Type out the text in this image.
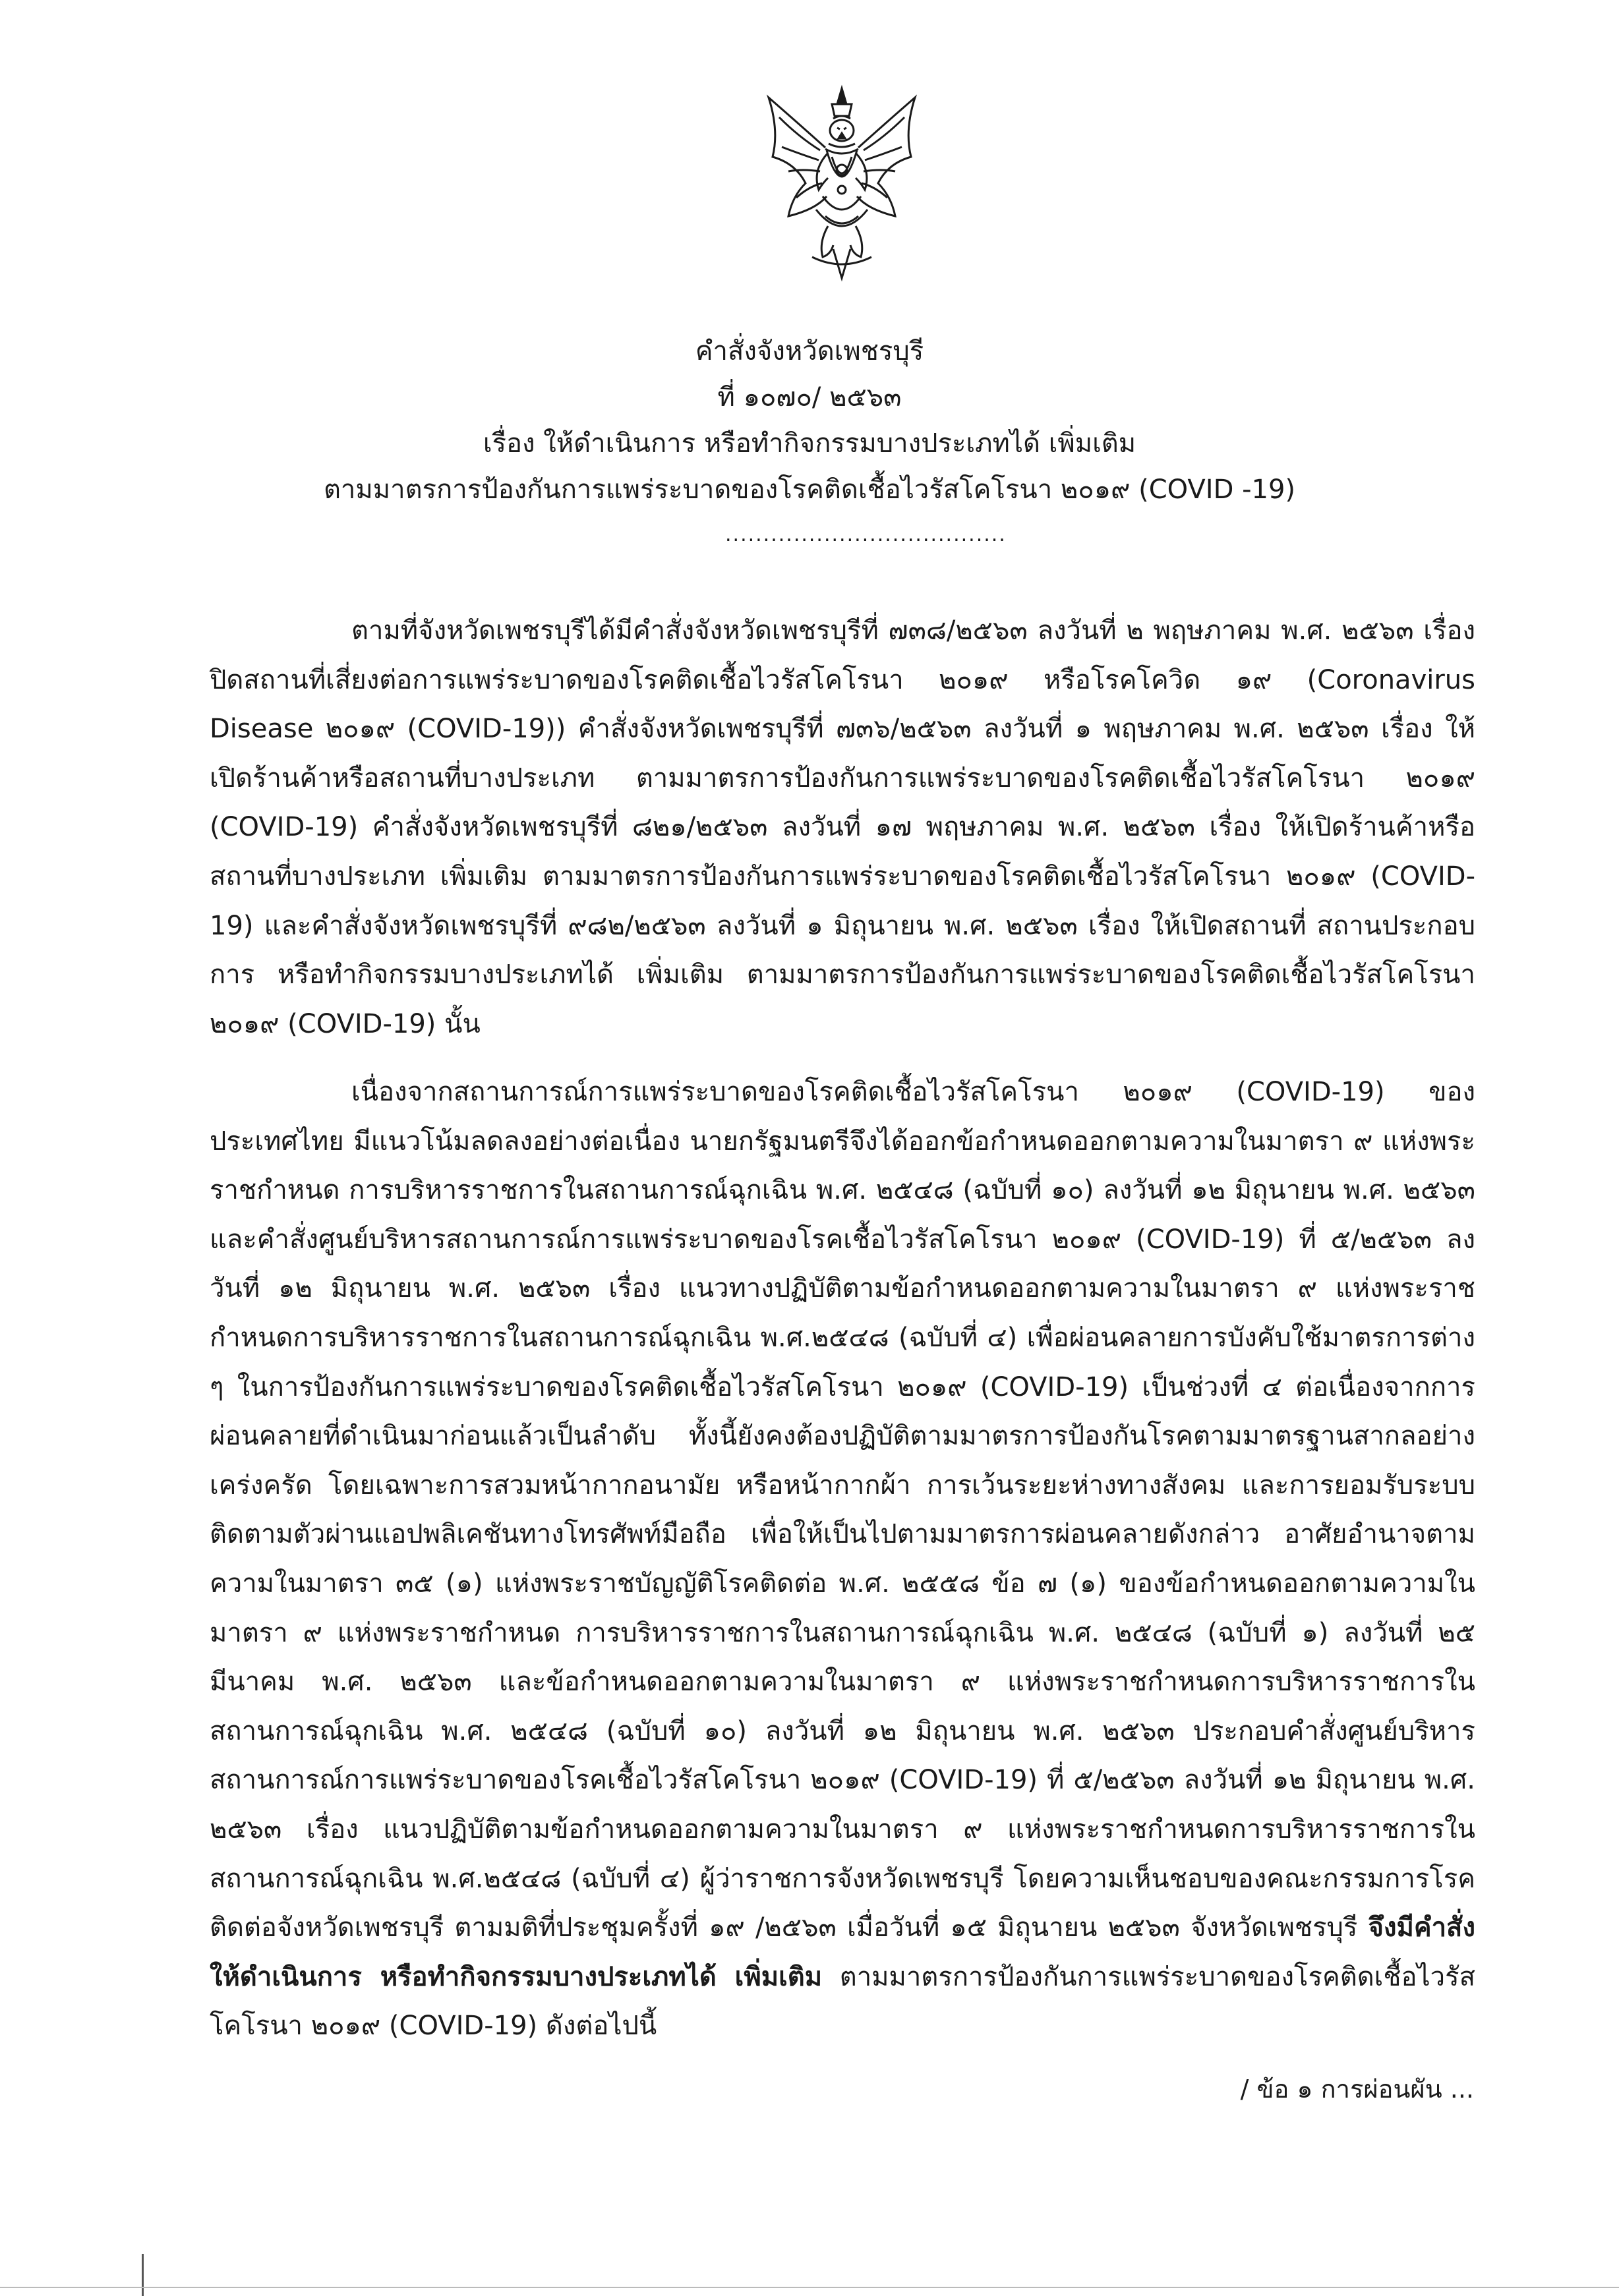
คำสั่งจังหวัดเพชรบุรี
ที่ ๑๐๗๐/ ๒๕๖๓
เรื่อง ให้ดำเนินการ หรือทำกิจกรรมบางประเภทได้ เพิ่มเติม
ตามมาตรการป้องกันการแพร่ระบาดของโรคติดเชื้อไวรัสโคโรนา ๒๐๑๙ (COVID -19)
.....................................
ตามที่จังหวัดเพชรบุรีได้มีคำสั่งจังหวัดเพชรบุรีที่ ๗๓๘/๒๕๖๓ ลงวันที่ ๒ พฤษภาคม พ.ศ. ๒๕๖๓ เรื่อง ปิดสถานที่เสี่ยงต่อการแพร่ระบาดของโรคติดเชื้อไวรัสโคโรนา ๒๐๑๙ หรือโรคโควิด ๑๙ (Coronavirus Disease ๒๐๑๙ (COVID-19)) คำสั่งจังหวัดเพชรบุรีที่ ๗๓๖/๒๕๖๓ ลงวันที่ ๑ พฤษภาคม พ.ศ. ๒๕๖๓ เรื่อง ให้เปิดร้านค้าหรือสถานที่บางประเภท ตามมาตรการป้องกันการแพร่ระบาดของโรคติดเชื้อไวรัสโคโรนา ๒๐๑๙ (COVID-19) คำสั่งจังหวัดเพชรบุรีที่ ๘๒๑/๒๕๖๓ ลงวันที่ ๑๗ พฤษภาคม พ.ศ. ๒๕๖๓ เรื่อง ให้เปิดร้านค้าหรือสถานที่บางประเภท เพิ่มเติม ตามมาตรการป้องกันการแพร่ระบาดของโรคติดเชื้อไวรัสโคโรนา ๒๐๑๙ (COVID-19) และคำสั่งจังหวัดเพชรบุรีที่ ๙๘๒/๒๕๖๓ ลงวันที่ ๑ มิถุนายน พ.ศ. ๒๕๖๓ เรื่อง ให้เปิดสถานที่ สถานประกอบการ หรือทำกิจกรรมบางประเภทได้ เพิ่มเติม ตามมาตรการป้องกันการแพร่ระบาดของโรคติดเชื้อไวรัสโคโรนา ๒๐๑๙ (COVID-19) นั้น
เนื่องจากสถานการณ์การแพร่ระบาดของโรคติดเชื้อไวรัสโคโรนา ๒๐๑๙ (COVID-19) ของประเทศไทย มีแนวโน้มลดลงอย่างต่อเนื่อง นายกรัฐมนตรีจึงได้ออกข้อกำหนดออกตามความในมาตรา ๙ แห่งพระราชกำหนด การบริหารราชการในสถานการณ์ฉุกเฉิน พ.ศ. ๒๕๔๘ (ฉบับที่ ๑๐) ลงวันที่ ๑๒ มิถุนายน พ.ศ. ๒๕๖๓ และคำสั่งศูนย์บริหารสถานการณ์การแพร่ระบาดของโรคเชื้อไวรัสโคโรนา ๒๐๑๙ (COVID-19) ที่ ๕/๒๕๖๓ ลงวันที่ ๑๒ มิถุนายน พ.ศ. ๒๕๖๓ เรื่อง แนวทางปฏิบัติตามข้อกำหนดออกตามความในมาตรา ๙ แห่งพระราชกำหนดการบริหารราชการในสถานการณ์ฉุกเฉิน พ.ศ.๒๕๔๘ (ฉบับที่ ๔) เพื่อผ่อนคลายการบังคับใช้มาตรการต่าง ๆ ในการป้องกันการแพร่ระบาดของโรคติดเชื้อไวรัสโคโรนา ๒๐๑๙ (COVID-19) เป็นช่วงที่ ๔ ต่อเนื่องจากการผ่อนคลายที่ดำเนินมาก่อนแล้วเป็นลำดับ ทั้งนี้ยังคงต้องปฏิบัติตามมาตรการป้องกันโรคตามมาตรฐานสากลอย่างเคร่งครัด โดยเฉพาะการสวมหน้ากากอนามัย หรือหน้ากากผ้า การเว้นระยะห่างทางสังคม และการยอมรับระบบติดตามตัวผ่านแอปพลิเคชันทางโทรศัพท์มือถือ เพื่อให้เป็นไปตามมาตรการผ่อนคลายดังกล่าว อาศัยอำนาจตามความในมาตรา ๓๕ (๑) แห่งพระราชบัญญัติโรคติดต่อ พ.ศ. ๒๕๕๘ ข้อ ๗ (๑) ของข้อกำหนดออกตามความในมาตรา ๙ แห่งพระราชกำหนด การบริหารราชการในสถานการณ์ฉุกเฉิน พ.ศ. ๒๕๔๘ (ฉบับที่ ๑) ลงวันที่ ๒๕ มีนาคม พ.ศ. ๒๕๖๓ และข้อกำหนดออกตามความในมาตรา ๙ แห่งพระราชกำหนดการบริหารราชการในสถานการณ์ฉุกเฉิน พ.ศ. ๒๕๔๘ (ฉบับที่ ๑๐) ลงวันที่ ๑๒ มิถุนายน พ.ศ. ๒๕๖๓ ประกอบคำสั่งศูนย์บริหารสถานการณ์การแพร่ระบาดของโรคเชื้อไวรัสโคโรนา ๒๐๑๙ (COVID-19) ที่ ๕/๒๕๖๓ ลงวันที่ ๑๒ มิถุนายน พ.ศ. ๒๕๖๓ เรื่อง แนวปฏิบัติตามข้อกำหนดออกตามความในมาตรา ๙ แห่งพระราชกำหนดการบริหารราชการในสถานการณ์ฉุกเฉิน พ.ศ.๒๕๔๘ (ฉบับที่ ๔) ผู้ว่าราชการจังหวัดเพชรบุรี โดยความเห็นชอบของคณะกรรมการโรคติดต่อจังหวัดเพชรบุรี ตามมติที่ประชุมครั้งที่ ๑๙ /๒๕๖๓ เมื่อวันที่ ๑๕ มิถุนายน ๒๕๖๓ จังหวัดเพชรบุรี จึงมีคำสั่งให้ดำเนินการ หรือทำกิจกรรมบางประเภทได้ เพิ่มเติม ตามมาตรการป้องกันการแพร่ระบาดของโรคติดเชื้อไวรัสโคโรนา ๒๐๑๙ (COVID-19) ดังต่อไปนี้
/ ข้อ ๑ การผ่อนผัน ...
